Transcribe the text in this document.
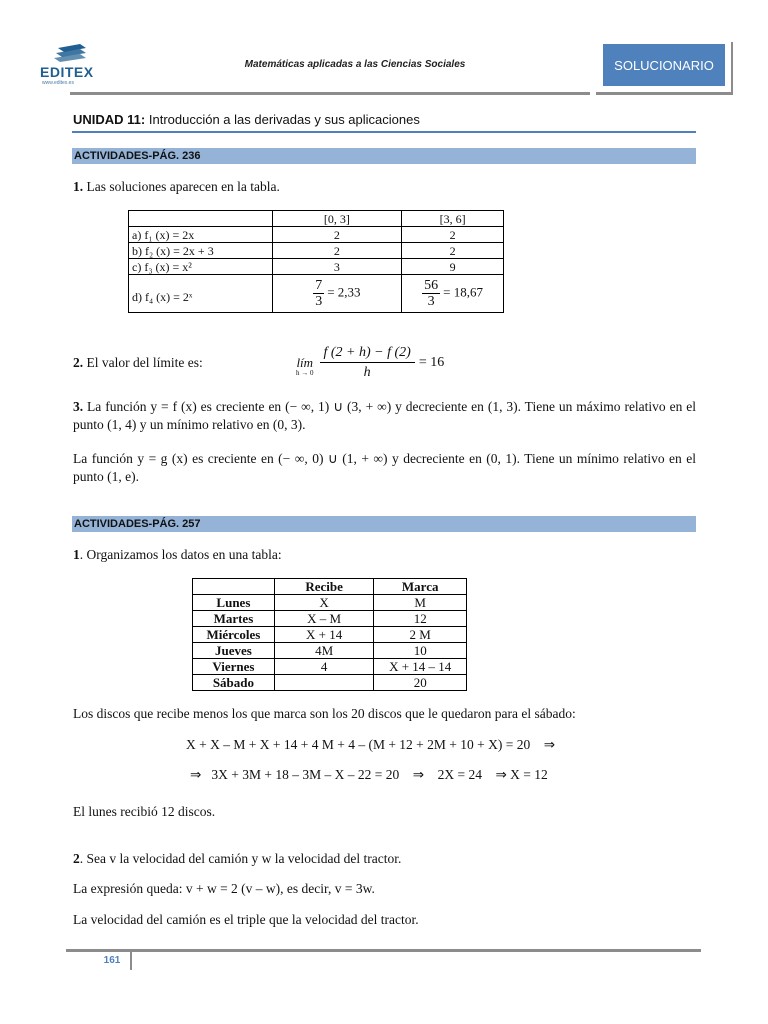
EDITEX
www.editex.es
Matemáticas aplicadas a las Ciencias Sociales	SOLUCIONARIO
UNIDAD 11: Introducción a las derivadas y sus aplicaciones
ACTIVIDADES-PÁG. 236
1. Las soluciones aparecen en la tabla.
	[0, 3]	[3, 6]
a) f₁ (x) = 2x	2	2
b) f₂ (x) = 2x + 3	2	2
c) f₃ (x) = x²	3	9
d) f₄ (x) = 2ˣ	$\frac{7}{3} = 2,33$	$\frac{56}{3} = 18,67$
2. El valor del límite es:	lím
$h \to 0 \frac{f (2 + h) - f (2)}{h} = 16$
3. La función y = f (x) es creciente en (− ∞, 1) ∪ (3, + ∞) y decreciente en (1, 3). Tiene un máximo relativo en el punto (1, 4) y un mínimo relativo en (0, 3).
La función y = g (x) es creciente en (− ∞, 0) ∪ (1, + ∞) y decreciente en (0, 1). Tiene un mínimo relativo en el punto (1, e).
ACTIVIDADES-PÁG. 257
1. Organizamos los datos en una tabla:
	Recibe	Marca
Lunes	X	M
Martes	X – M	12
Miércoles	X + 14	2 M
Jueves	4M	10
Viernes	4	X + 14 – 14
Sábado		20
Los discos que recibe menos los que marca son los 20 discos que le quedaron para el sábado:
X + X – M + X + 14 + 4 M + 4 – (M + 12 + 2M + 10 + X) = 20    ⇒
⇒   3X + 3M + 18 – 3M – X – 22 = 20    ⇒    2X = 24    ⇒ X = 12
El lunes recibió 12 discos.
2. Sea v la velocidad del camión y w la velocidad del tractor.
La expresión queda: v + w = 2 (v – w), es decir, v = 3w.
La velocidad del camión es el triple que la velocidad del tractor.
161
